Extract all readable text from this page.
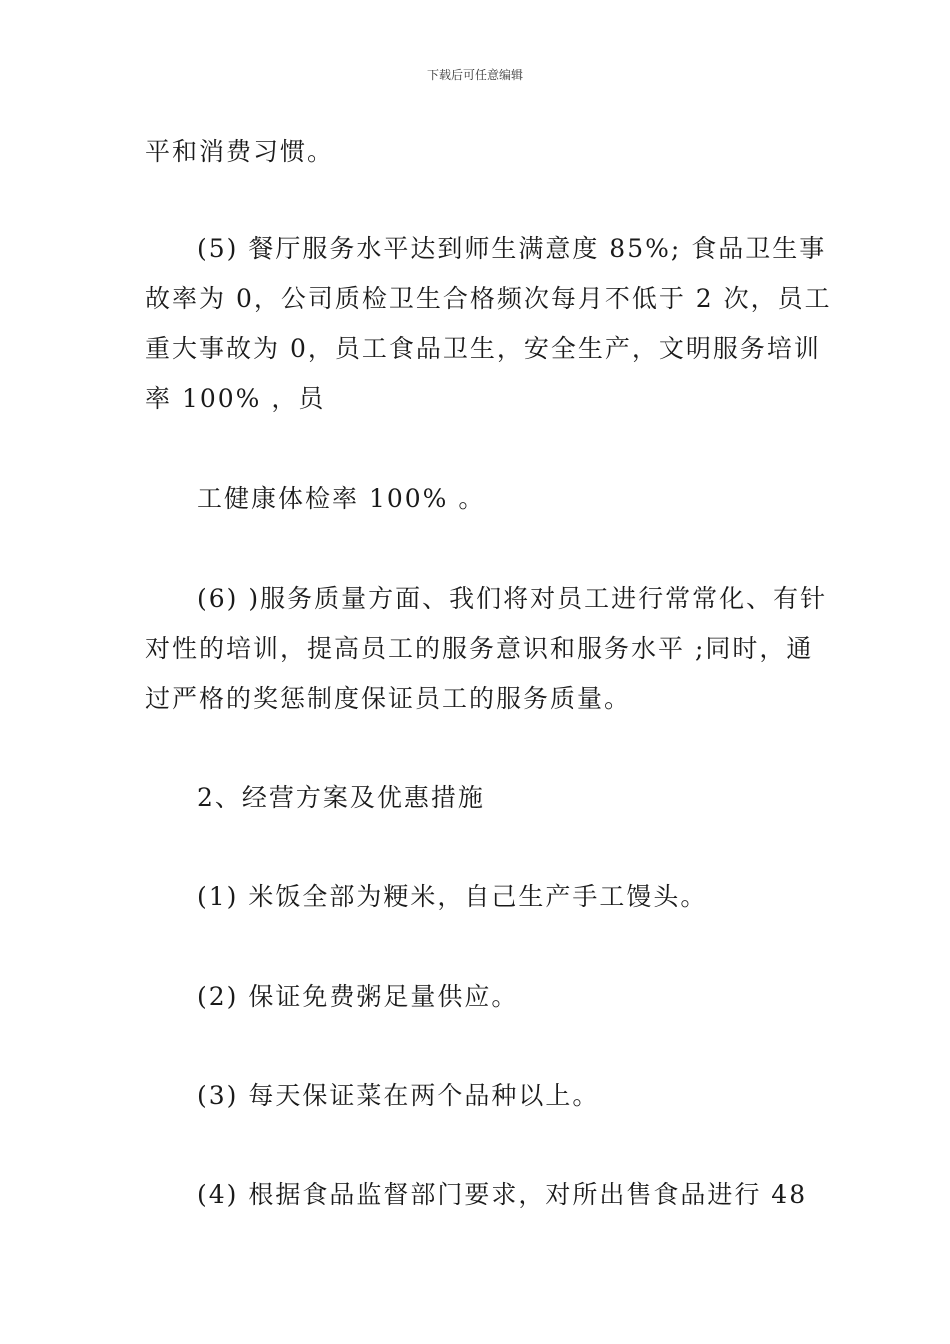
下载后可任意编辑
平和消费习惯。
(5) 餐厅服务水平达到师生满意度 85%; 食品卫生事
故率为 0，公司质检卫生合格频次每月不低于 2 次，员工
重大事故为 0，员工食品卫生，安全生产，文明服务培训
率 100% ，员
工健康体检率 100% 。
(6) )服务质量方面、我们将对员工进行常常化、有针
对性的培训，提高员工的服务意识和服务水平 ;同时，通
过严格的奖惩制度保证员工的服务质量。
2、经营方案及优惠措施
(1) 米饭全部为粳米，自己生产手工馒头。
(2) 保证免费粥足量供应。
(3) 每天保证菜在两个品种以上。
(4) 根据食品监督部门要求，对所出售食品进行 48
